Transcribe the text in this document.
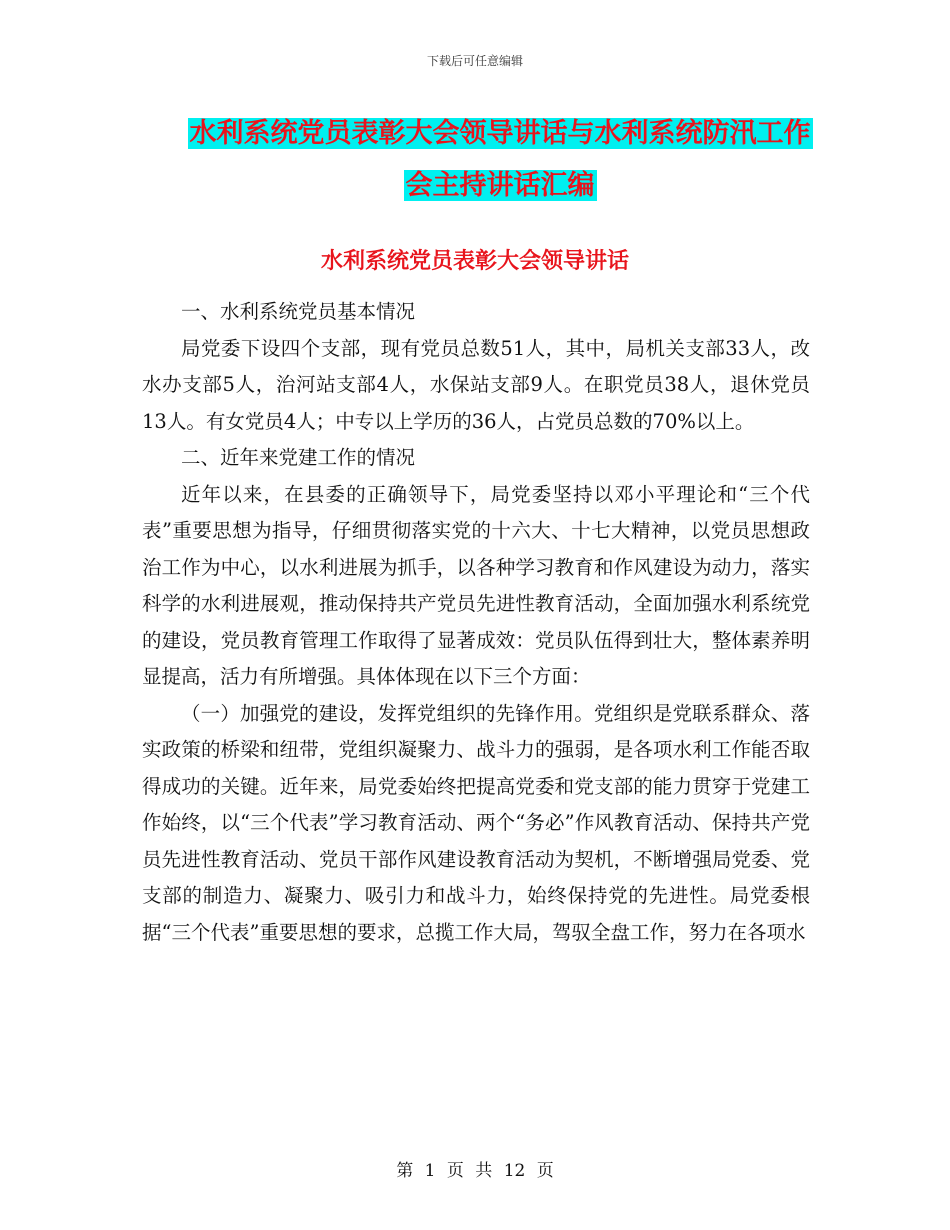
下载后可任意编辑
水利系统党员表彰大会领导讲话与水利系统防汛工作
会主持讲话汇编
水利系统党员表彰大会领导讲话

一、水利系统党员基本情况

局党委下设四个支部，现有党员总数51人，其中，局机关支部33人，改水办支部5人，治河站支部4人，水保站支部9人。在职党员38人，退休党员13人。有女党员4人；中专以上学历的36人，占党员总数的70%以上。

二、近年来党建工作的情况

近年以来，在县委的正确领导下，局党委坚持以邓小平理论和“三个代表”重要思想为指导，仔细贯彻落实党的十六大、十七大精神，以党员思想政治工作为中心，以水利进展为抓手，以各种学习教育和作风建设为动力，落实科学的水利进展观，推动保持共产党员先进性教育活动，全面加强水利系统党的建设，党员教育管理工作取得了显著成效：党员队伍得到壮大，整体素养明显提高，活力有所增强。具体体现在以下三个方面：

（一）加强党的建设，发挥党组织的先锋作用。党组织是党联系群众、落实政策的桥梁和纽带，党组织凝聚力、战斗力的强弱，是各项水利工作能否取得成功的关键。近年来，局党委始终把提高党委和党支部的能力贯穿于党建工作始终，以“三个代表”学习教育活动、两个“务必”作风教育活动、保持共产党员先进性教育活动、党员干部作风建设教育活动为契机，不断增强局党委、党支部的制造力、凝聚力、吸引力和战斗力，始终保持党的先进性。局党委根据“三个代表”重要思想的要求，总揽工作大局，驾驭全盘工作，努力在各项水

第 1 页 共 12 页
